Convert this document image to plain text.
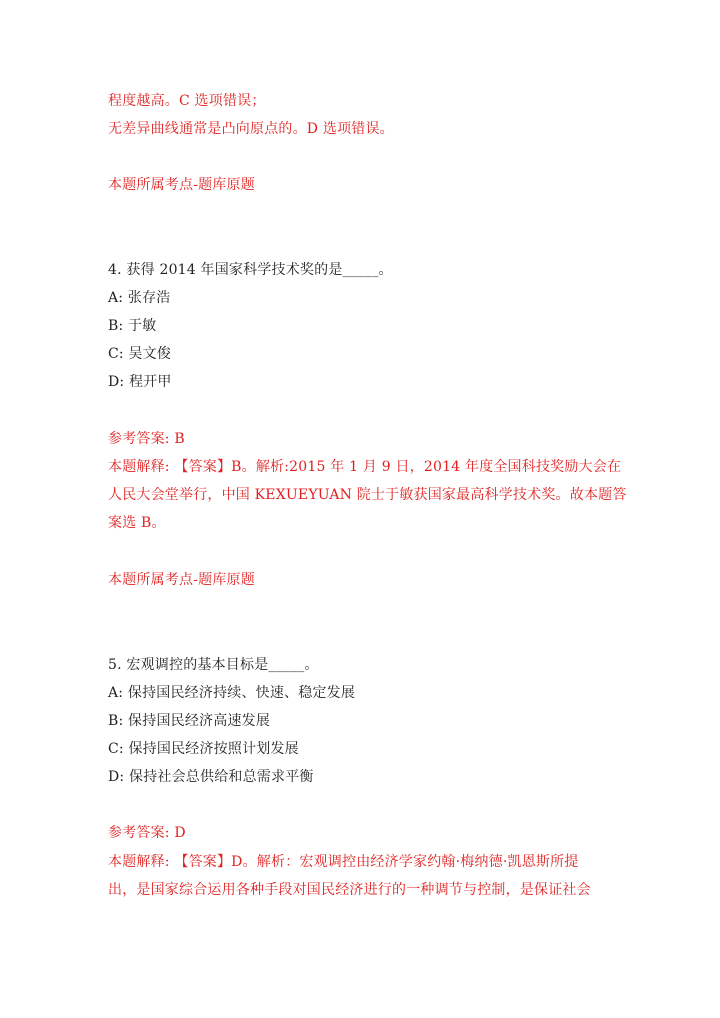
程度越高。C 选项错误；
无差异曲线通常是凸向原点的。D 选项错误。
本题所属考点-题库原题
4. 获得 2014 年国家科学技术奖的是_____。
A: 张存浩
B: 于敏
C: 吴文俊
D: 程开甲
参考答案: B
本题解释: 【答案】B。解析:2015 年 1 月 9 日，2014 年度全国科技奖励大会在
人民大会堂举行，中国 KEXUEYUAN 院士于敏获国家最高科学技术奖。故本题答
案选 B。
本题所属考点-题库原题
5. 宏观调控的基本目标是_____。
A: 保持国民经济持续、快速、稳定发展
B: 保持国民经济高速发展
C: 保持国民经济按照计划发展
D: 保持社会总供给和总需求平衡
参考答案: D
本题解释: 【答案】D。解析：宏观调控由经济学家约翰·梅纳德·凯恩斯所提
出，是国家综合运用各种手段对国民经济进行的一种调节与控制，是保证社会
